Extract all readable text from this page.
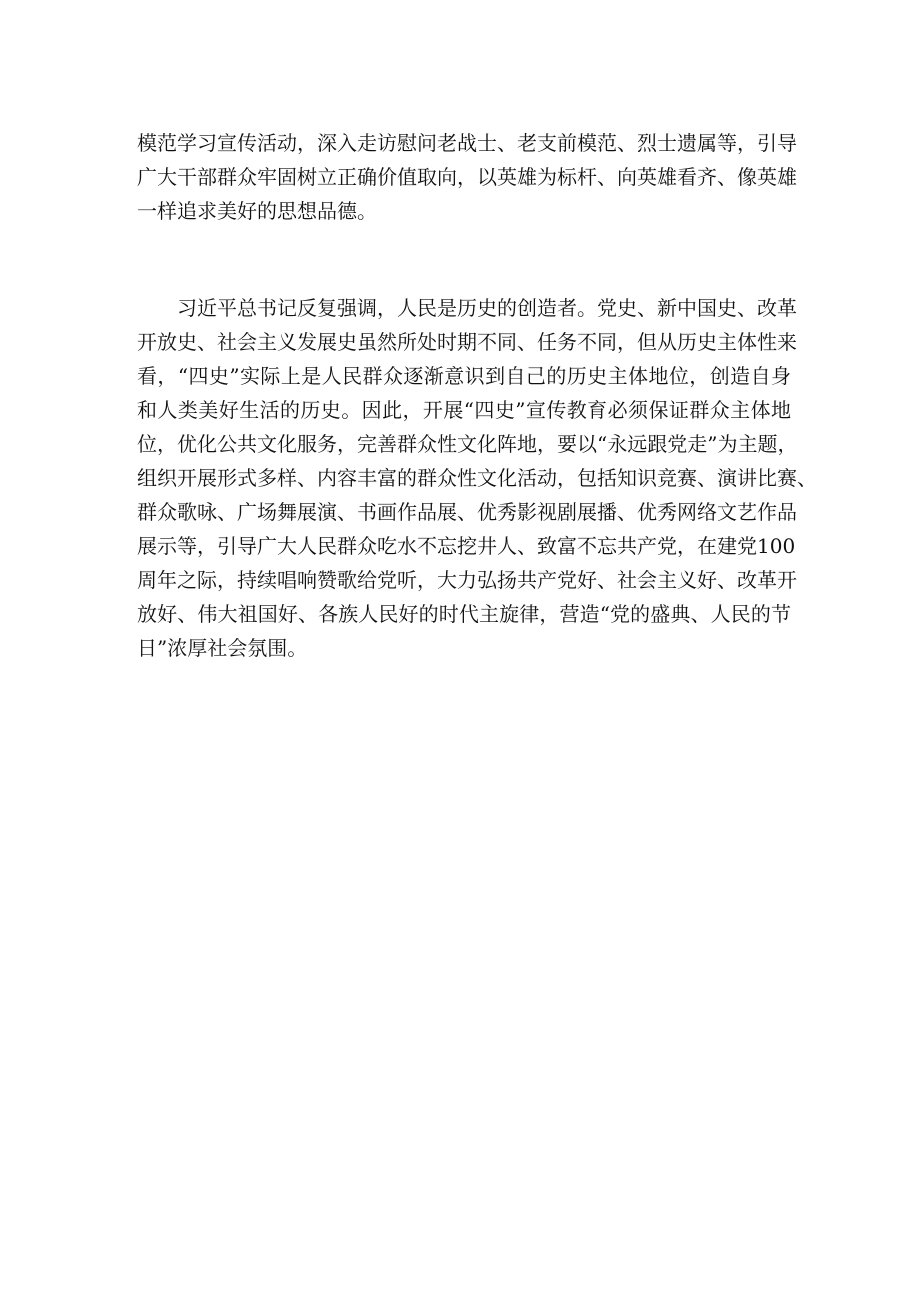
模范学习宣传活动，深入走访慰问老战士、老支前模范、烈士遗属等，引导
广大干部群众牢固树立正确价值取向，以英雄为标杆、向英雄看齐、像英雄
一样追求美好的思想品德。
习近平总书记反复强调，人民是历史的创造者。党史、新中国史、改革
开放史、社会主义发展史虽然所处时期不同、任务不同，但从历史主体性来
看，“四史”实际上是人民群众逐渐意识到自己的历史主体地位，创造自身
和人类美好生活的历史。因此，开展“四史”宣传教育必须保证群众主体地
位，优化公共文化服务，完善群众性文化阵地，要以“永远跟党走”为主题，
组织开展形式多样、内容丰富的群众性文化活动，包括知识竞赛、演讲比赛、
群众歌咏、广场舞展演、书画作品展、优秀影视剧展播、优秀网络文艺作品
展示等，引导广大人民群众吃水不忘挖井人、致富不忘共产党，在建党100
周年之际，持续唱响赞歌给党听，大力弘扬共产党好、社会主义好、改革开
放好、伟大祖国好、各族人民好的时代主旋律，营造“党的盛典、人民的节
日”浓厚社会氛围。
